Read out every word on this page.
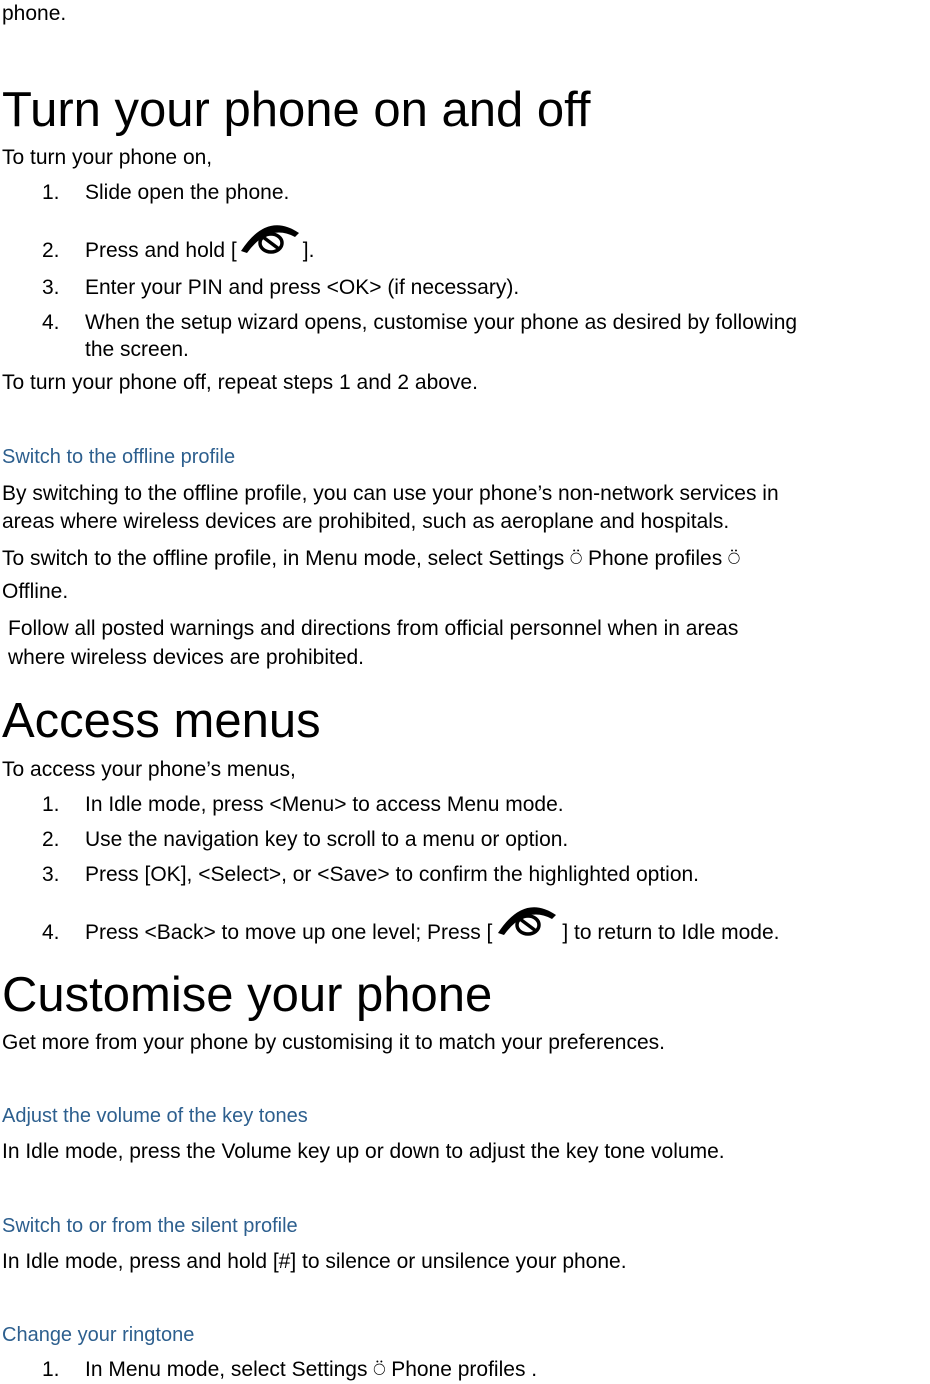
phone.
Turn your phone on and off
To turn your phone on,
1. Slide open the phone.
2. Press and hold [	].
3. Enter your PIN and press <OK> (if necessary).
4. When the setup wizard opens, customise your phone as desired by following
the screen.
To turn your phone off, repeat steps 1 and 2 above.
Switch to the offline profile
By switching to the offline profile, you can use your phone’s non-network services in
areas where wireless devices are prohibited, such as aeroplane and hospitals.
To switch to the offline profile, in Menu mode, select Settings ⍥ Phone profiles ⍥
Offline.
Follow all posted warnings and directions from official personnel when in areas
where wireless devices are prohibited.
Access menus
To access your phone’s menus,
1. In Idle mode, press <Menu> to access Menu mode.
2. Use the navigation key to scroll to a menu or option.
3. Press [OK], <Select>, or <Save> to confirm the highlighted option.
4. Press <Back> to move up one level; Press [	] to return to Idle mode.
Customise your phone
Get more from your phone by customising it to match your preferences.
Adjust the volume of the key tones
In Idle mode, press the Volume key up or down to adjust the key tone volume.
Switch to or from the silent profile
In Idle mode, press and hold [#] to silence or unsilence your phone.
Change your ringtone
1. In Menu mode, select Settings ⍥ Phone profiles .
